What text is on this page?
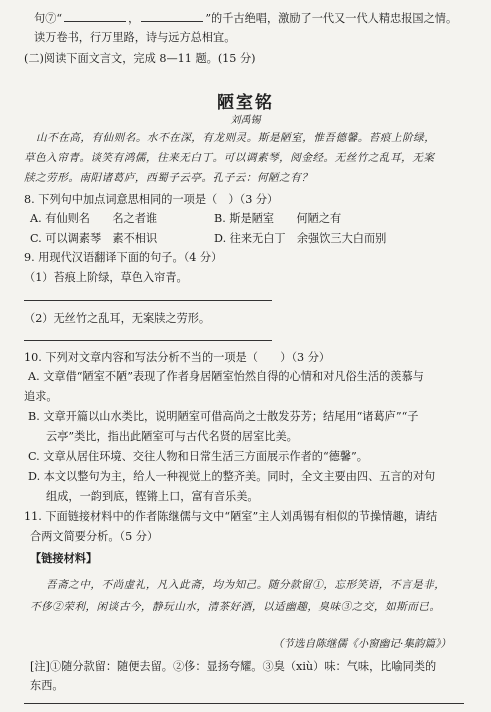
句⑦“	，	”的千古绝唱，激励了一代又一代人精忠报国之情。
读万卷书，行万里路，诗与远方总相宜。
(二)阅读下面文言文，完成 8—11 题。(15 分)
陋室铭
刘禹锡
山不在高，有仙则名。水不在深，有龙则灵。斯是陋室，惟吾德馨。苔痕上阶绿，
草色入帘青。谈笑有鸿儒，往来无白丁。可以调素琴，阅金经。无丝竹之乱耳，无案
牍之劳形。南阳诸葛庐，西蜀子云亭。孔子云：何陋之有？
8. 下列句中加点词意思相同的一项是（　）（3 分）
A. 有仙则名　　 名之者谁	B. 斯是陋室　　 何陋之有
C. 可以调素琴　 素不相识	D. 往来无白丁　 余强饮三大白而别
9. 用现代汉语翻译下面的句子。（4 分）
（1）苔痕上阶绿，草色入帘青。
（2）无丝竹之乱耳，无案牍之劳形。
10. 下列对文章内容和写法分析不当的一项是（　　）（3 分）
A. 文章借“陋室不陋”表现了作者身居陋室怡然自得的心情和对凡俗生活的羡慕与
追求。
B. 文章开篇以山水类比，说明陋室可借高尚之士散发芬芳；结尾用“诸葛庐”“子
云亭”类比，指出此陋室可与古代名贤的居室比美。
C. 文章从居住环境、交往人物和日常生活三方面展示作者的“德馨”。
D. 本文以整句为主，给人一种视觉上的整齐美。同时，全文主要由四、五言的对句
组成，一韵到底，铿锵上口，富有音乐美。
11. 下面链接材料中的作者陈继儒与文中“陋室”主人刘禹锡有相似的节操情趣，请结
合两文简要分析。（5 分）
【链接材料】
吾斋之中，不尚虚礼，凡入此斋，均为知己。随分款留①，忘形笑语，不言是非，
不侈②荣利，闲谈古今，静玩山水，清茶好酒，以适幽趣，臭味③之交，如斯而已。
（节选自陈继儒《小窗幽记·集韵篇》）
[注]①随分款留：随便去留。②侈：显扬夸耀。③臭（xiù）味：气味，比喻同类的
东西。
